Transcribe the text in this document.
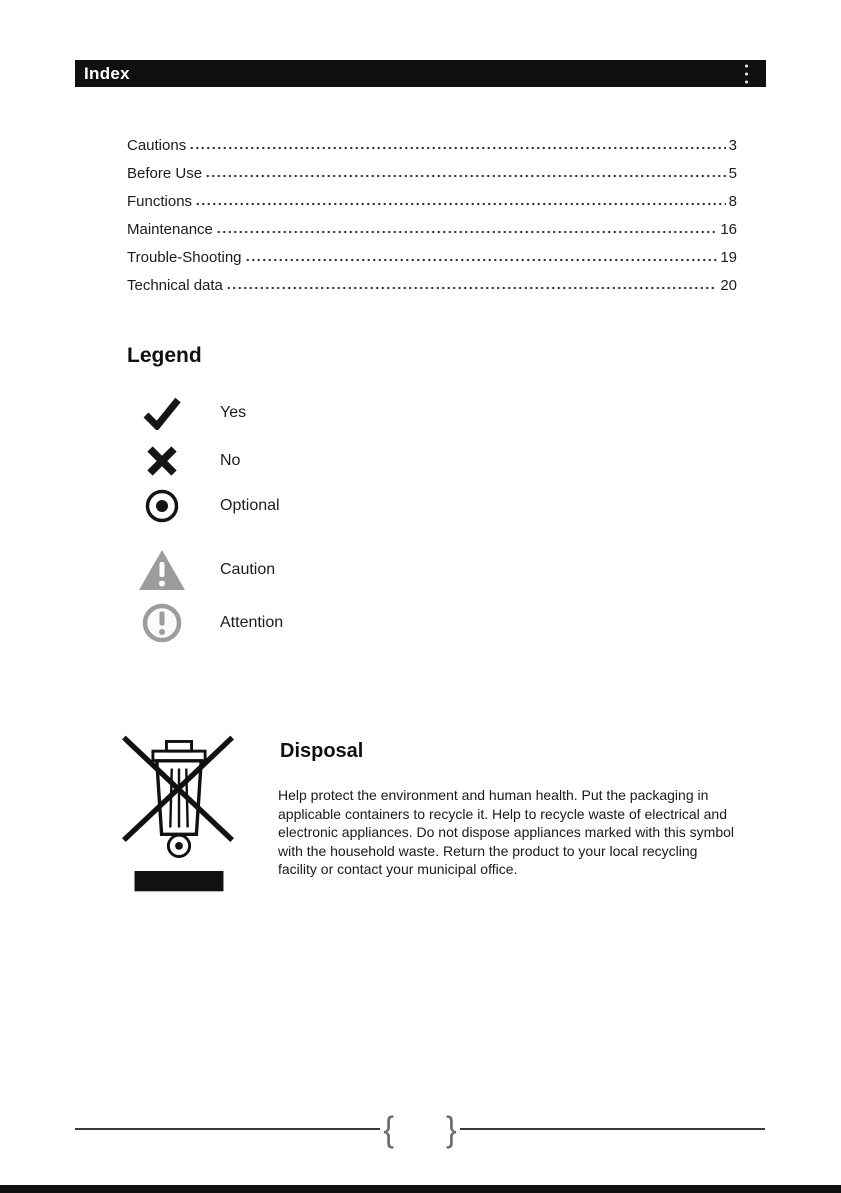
Index
Cautions	3
Before Use	5
Functions	8
Maintenance	16
Trouble-Shooting	19
Technical data	20
Legend
Yes
No
Optional
Caution
Attention
Disposal

Help protect the environment and human health. Put the packaging in applicable containers to recycle it. Help to recycle waste of electrical and electronic appliances. Do not dispose appliances marked with this symbol with the household waste. Return the product to your local recycling facility or contact your municipal office.

{ }
